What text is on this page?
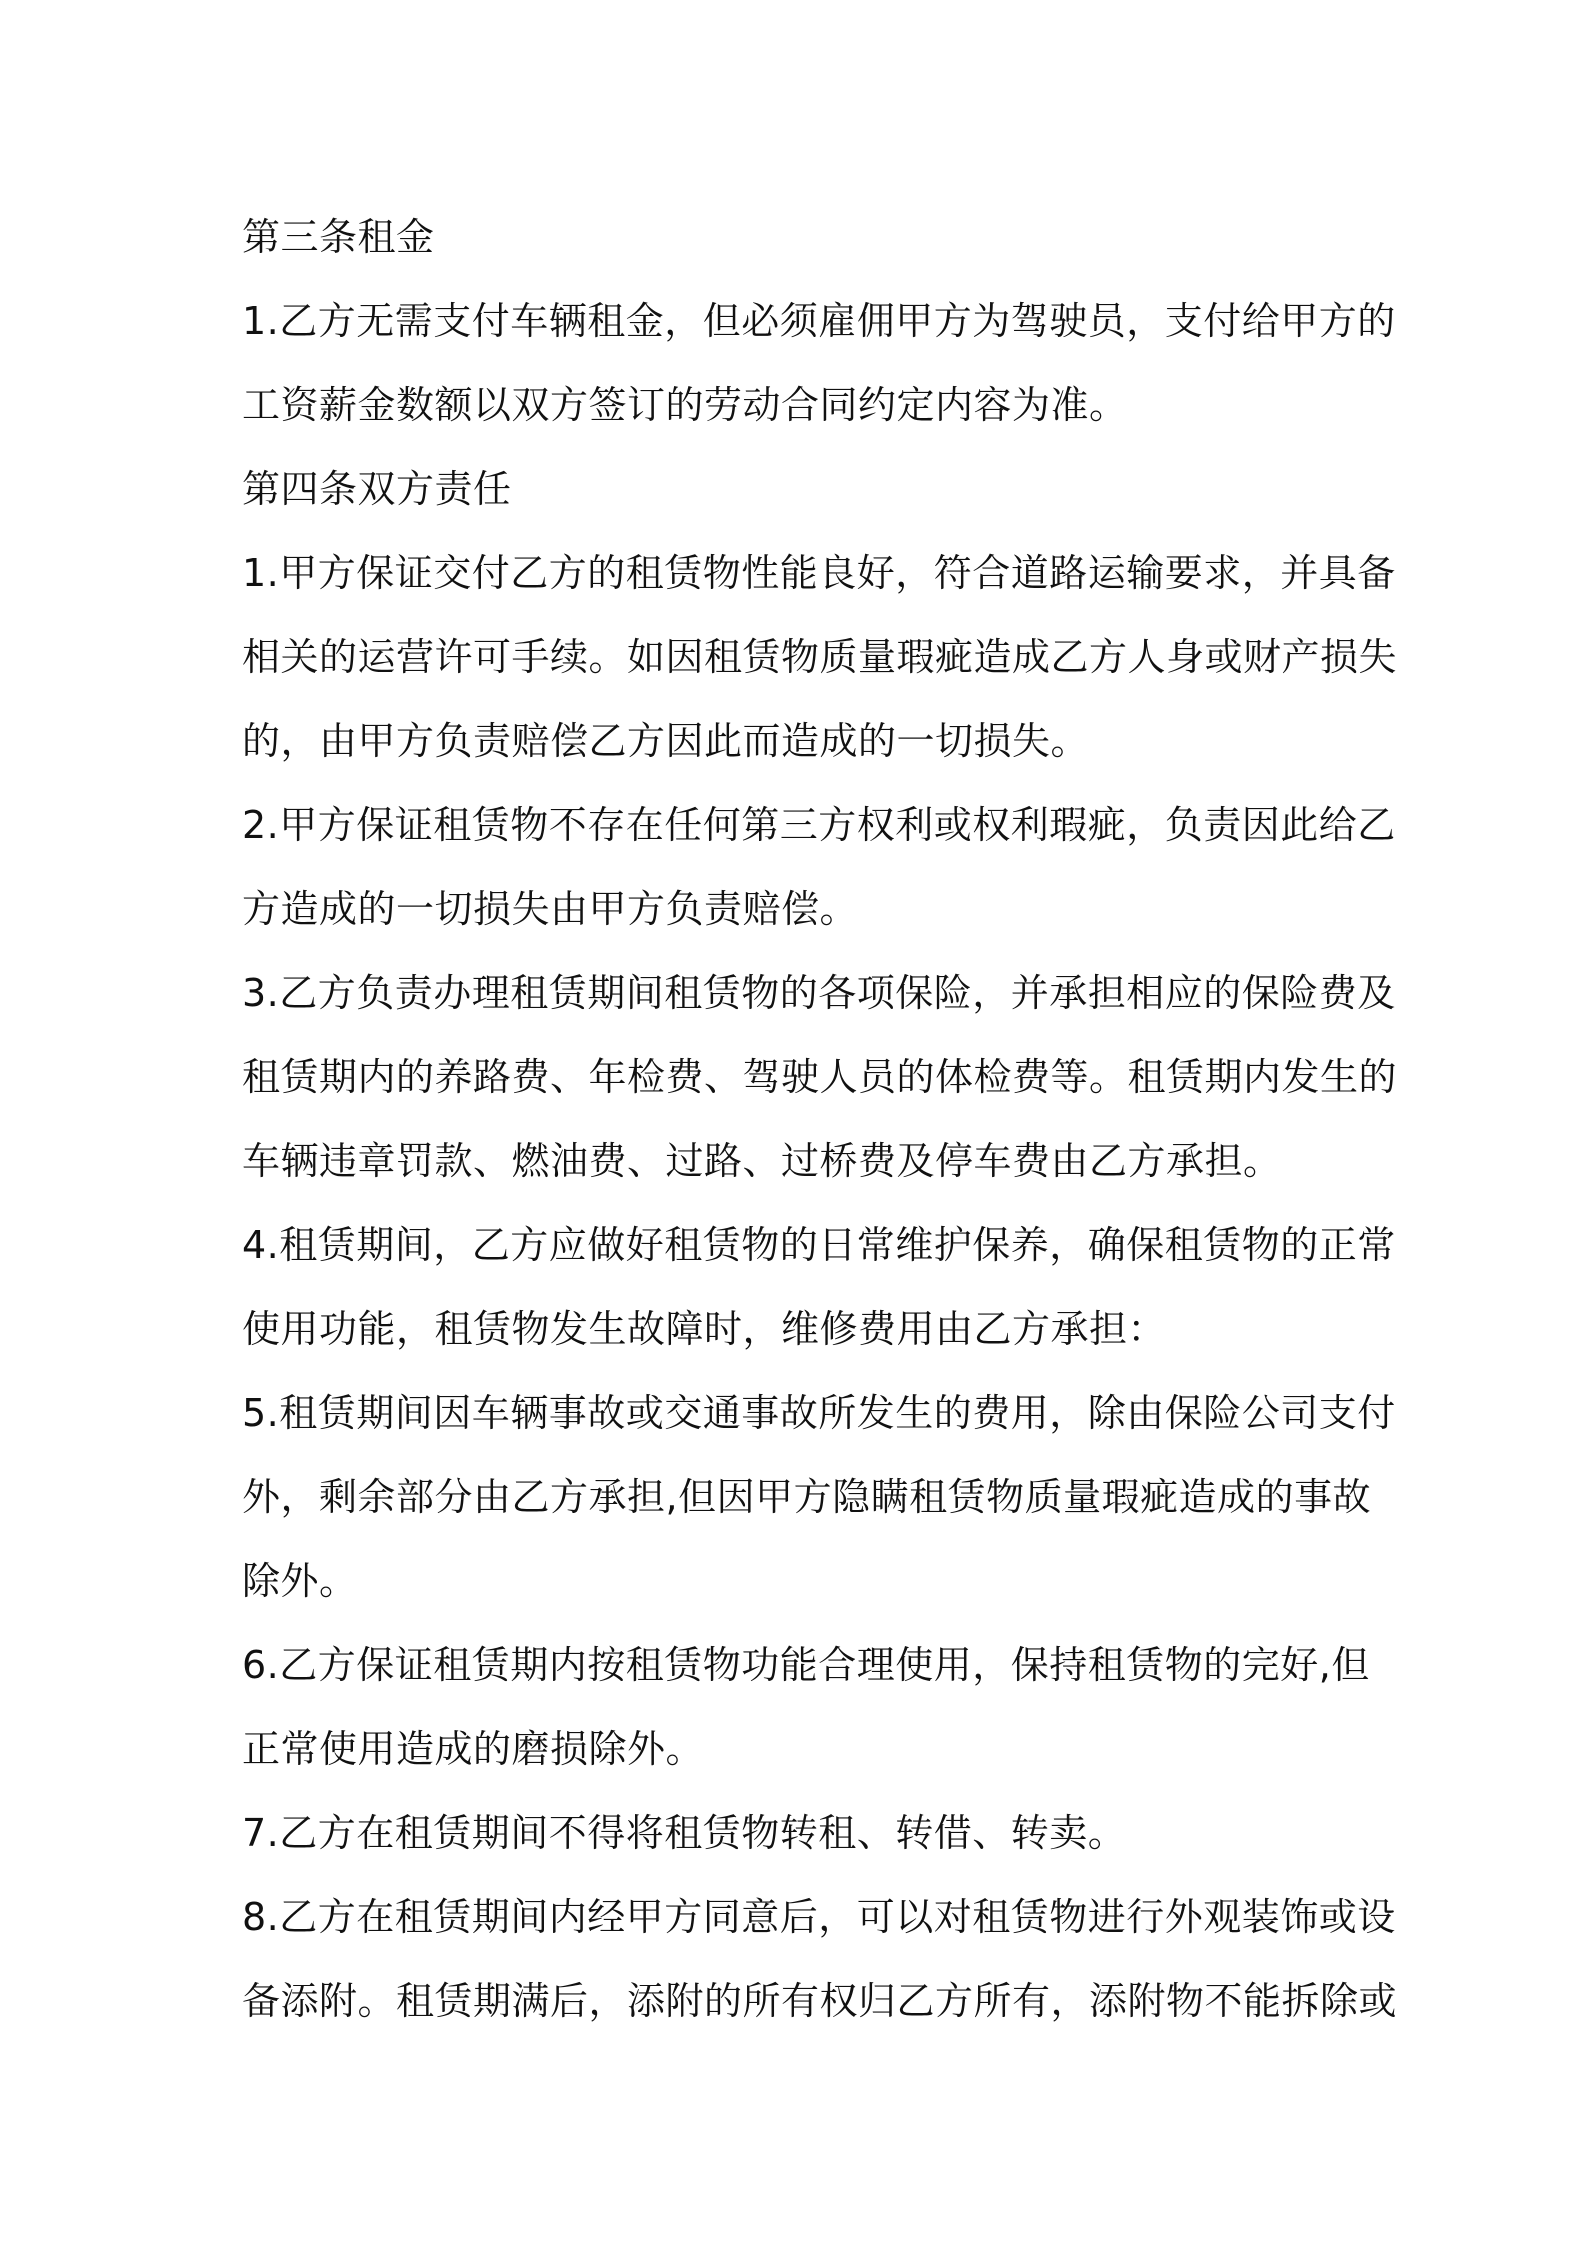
第三条租金
1.乙方无需支付车辆租金，但必须雇佣甲方为驾驶员，支付给甲方的
工资薪金数额以双方签订的劳动合同约定内容为准。
第四条双方责任
1.甲方保证交付乙方的租赁物性能良好，符合道路运输要求，并具备
相关的运营许可手续。如因租赁物质量瑕疵造成乙方人身或财产损失
的，由甲方负责赔偿乙方因此而造成的一切损失。
2.甲方保证租赁物不存在任何第三方权利或权利瑕疵，负责因此给乙
方造成的一切损失由甲方负责赔偿。
3.乙方负责办理租赁期间租赁物的各项保险，并承担相应的保险费及
租赁期内的养路费、年检费、驾驶人员的体检费等。租赁期内发生的
车辆违章罚款、燃油费、过路、过桥费及停车费由乙方承担。
4.租赁期间，乙方应做好租赁物的日常维护保养，确保租赁物的正常
使用功能，租赁物发生故障时，维修费用由乙方承担：
5.租赁期间因车辆事故或交通事故所发生的费用，除由保险公司支付
外，剩余部分由乙方承担,但因甲方隐瞒租赁物质量瑕疵造成的事故
除外。
6.乙方保证租赁期内按租赁物功能合理使用，保持租赁物的完好,但
正常使用造成的磨损除外。
7.乙方在租赁期间不得将租赁物转租、转借、转卖。
8.乙方在租赁期间内经甲方同意后，可以对租赁物进行外观装饰或设
备添附。租赁期满后，添附的所有权归乙方所有，添附物不能拆除或
